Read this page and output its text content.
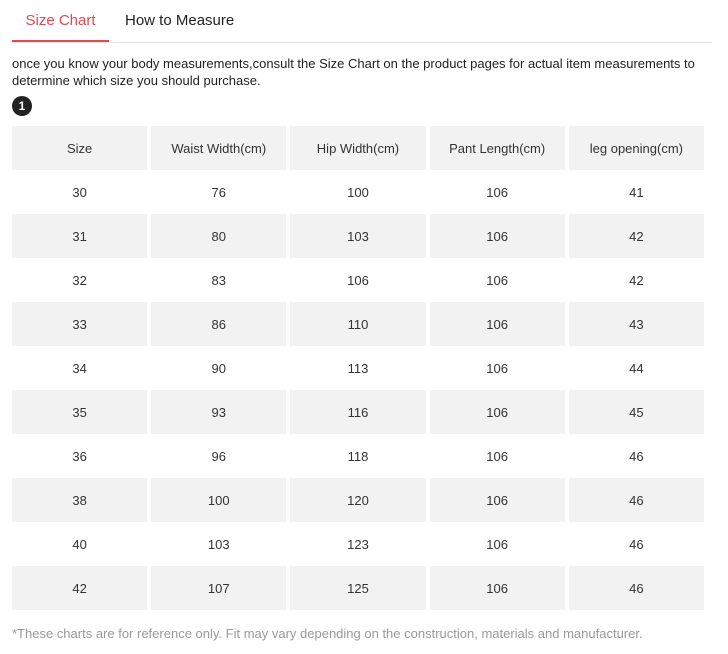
Size Chart	How to Measure
once you know your body measurements,consult the Size Chart on the product pages for actual item measurements to determine which size you should purchase.
1
Size	Waist Width(cm)	Hip Width(cm)	Pant Length(cm)	leg opening(cm)
30	76	100	106	41
31	80	103	106	42
32	83	106	106	42
33	86	110	106	43
34	90	113	106	44
35	93	116	106	45
36	96	118	106	46
38	100	120	106	46
40	103	123	106	46
42	107	125	106	46
*These charts are for reference only. Fit may vary depending on the construction, materials and manufacturer.
